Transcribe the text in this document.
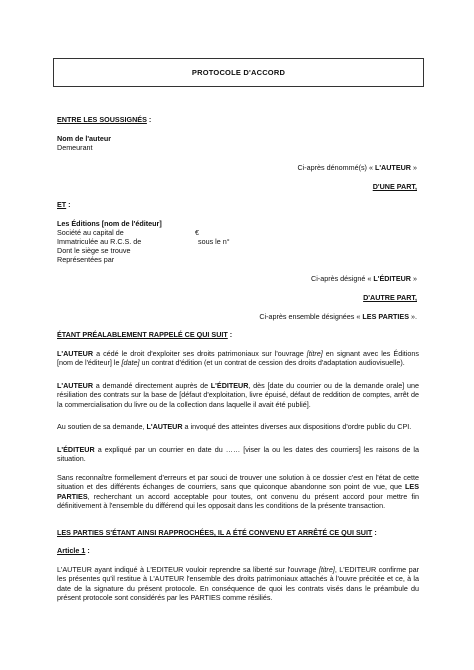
PROTOCOLE D'ACCORD
ENTRE LES SOUSSIGNÉS :
Nom de l'auteur
Demeurant
Ci-après dénommé(s) « L'AUTEUR »
D'UNE PART,
ET :
Les Éditions [nom de l'éditeur]
Société au capital de	€
Immatriculée au R.C.S. de	sous le n°
Dont le siège se trouve
Représentées par
Ci-après désigné « L'ÉDITEUR »
D'AUTRE PART,
Ci-après ensemble désignées « LES PARTIES ».
ÉTANT PRÉALABLEMENT RAPPELÉ CE QUI SUIT :
L'AUTEUR a cédé le droit d'exploiter ses droits patrimoniaux sur l'ouvrage [titre] en signant avec les Éditions [nom de l'éditeur] le [date] un contrat d'édition (et un contrat de cession des droits d'adaptation audiovisuelle).
L'AUTEUR a demandé directement auprès de L'ÉDITEUR, dès [date du courrier ou de la demande orale] une résiliation des contrats sur la base de [défaut d'exploitation, livre épuisé, défaut de reddition de comptes, arrêt de la commercialisation du livre ou de la collection dans laquelle il avait été publié].
Au soutien de sa demande, L'AUTEUR a invoqué des atteintes diverses aux dispositions d'ordre public du CPI.
L'ÉDITEUR a expliqué par un courrier en date du …… [viser la ou les dates des courriers] les raisons de la situation.
Sans reconnaître formellement d'erreurs et par souci de trouver une solution à ce dossier c'est en l'état de cette situation et des différents échanges de courriers, sans que quiconque abandonne son point de vue, que LES PARTIES, recherchant un accord acceptable pour toutes, ont convenu du présent accord pour mettre fin définitivement à l'ensemble du différend qui les opposait dans les conditions de la présente transaction.
LES PARTIES S'ÉTANT AINSI RAPPROCHÉES, IL A ÉTÉ CONVENU ET ARRÊTÉ CE QUI SUIT :
Article 1 :
L'AUTEUR ayant indiqué à L'EDITEUR vouloir reprendre sa liberté sur l'ouvrage [titre], L'EDITEUR confirme par les présentes qu'il restitue à L'AUTEUR l'ensemble des droits patrimoniaux attachés à l'ouvre précitée et ce, à la date de la signature du présent protocole. En conséquence de quoi les contrats visés dans le préambule du présent protocole sont considérés par les PARTIES comme résiliés.
